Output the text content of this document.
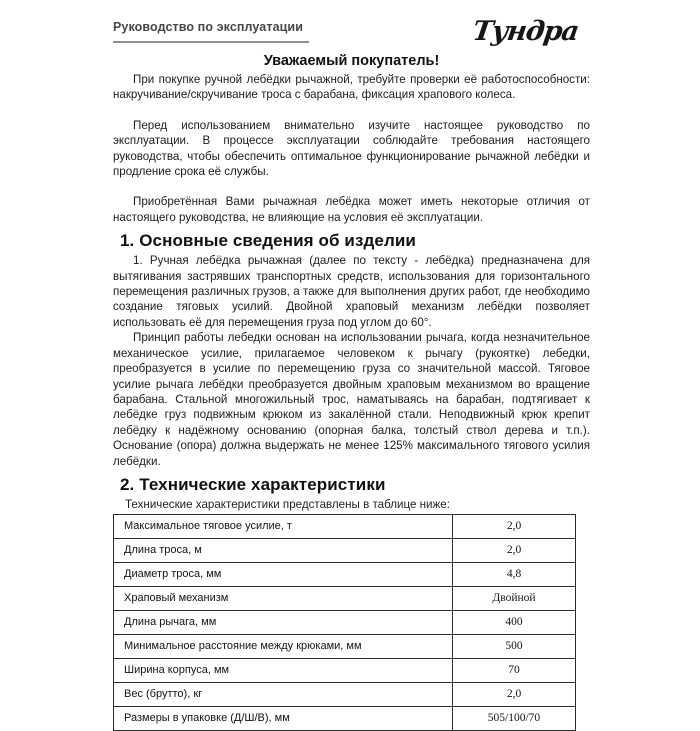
Руководство по эксплуатации	Тундра
Уважаемый покупатель!

При покупке ручной лебёдки рычажной, требуйте проверки её работоспособности: накручивание/скручивание троса с барабана, фиксация храпового колеса.

Перед использованием внимательно изучите настоящее руководство по эксплуатации. В процессе эксплуатации соблюдайте требования настоящего руководства, чтобы обеспечить оптимальное функционирование рычажной лебёдки и продление срока её службы.

Приобретённая Вами рычажная лебёдка может иметь некоторые отличия от настоящего руководства, не влияющие на условия её эксплуатации.

1. Основные сведения об изделии

1. Ручная лебёдка рычажная (далее по тексту - лебёдка) предназначена для вытягивания застрявших транспортных средств, использования для горизонтального перемещения различных грузов, а также для выполнения других работ, где необходимо создание тяговых усилий. Двойной храповый механизм лебёдки позволяет использовать её для перемещения груза под углом до 60°.

Принцип работы лебедки основан на использовании рычага, когда незначительное механическое усилие, прилагаемое человеком к рычагу (рукоятке) лебедки, преобразуется в усилие по перемещению груза со значительной массой. Тяговое усилие рычага лебёдки преобразуется двойным храповым механизмом во вращение барабана. Стальной многожильный трос, наматываясь на барабан, подтягивает к лебёдке груз подвижным крюком из закалённой стали. Неподвижный крюк крепит лебёдку к надёжному основанию (опорная балка, толстый ствол дерева и т.п.). Основание (опора) должна выдержать не менее 125% максимального тягового усилия лебёдки.

2. Технические характеристики

Технические характеристики представлены в таблице ниже:

Максимальное тяговое усилие, т	2,0
Длина троса, м	2,0
Диаметр троса, мм	4,8
Храповый механизм	Двойной
Длина рычага, мм	400
Минимальное расстояние между крюками, мм	500
Ширина корпуса, мм	70
Вес (брутто), кг	2,0
Размеры в упаковке (Д/Ш/В), мм	505/100/70
